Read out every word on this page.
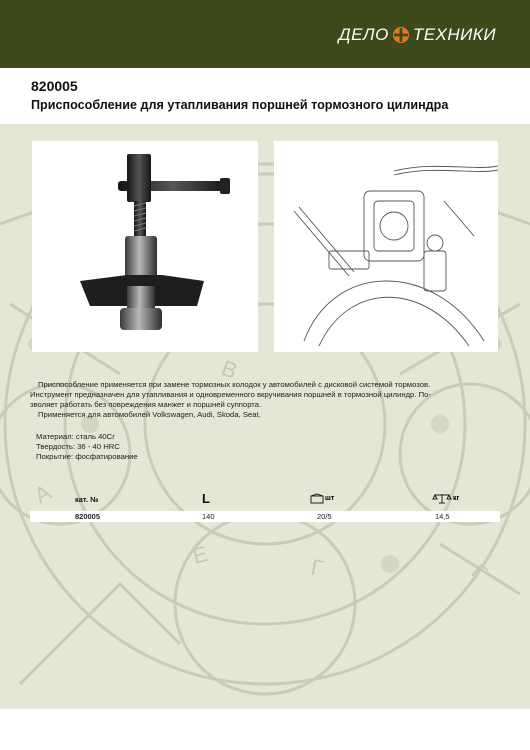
ДЕЛО ТЕХНИКИ
820005
Приспособление для утапливания поршней тормозного цилиндра
В
Е	Г
А
Г

Приспособление применяется при замене тормозных колодок у автомобилей с дисковой системой тормозов.

Инструмент предназначен для утапливания и одновременного вкручивания поршней в тормозной цилиндр. По-

зволяет работать без повреждения манжет и поршней суппорта.

Применяется для автомобилей Volkswagen, Audi, Skoda, Seat.

Материал: сталь 40Cr

Твердость: 36 - 40 HRC

Покрытие: фосфатирование

кат. №	L	шт	кг
820005	140	20/5	14,5
